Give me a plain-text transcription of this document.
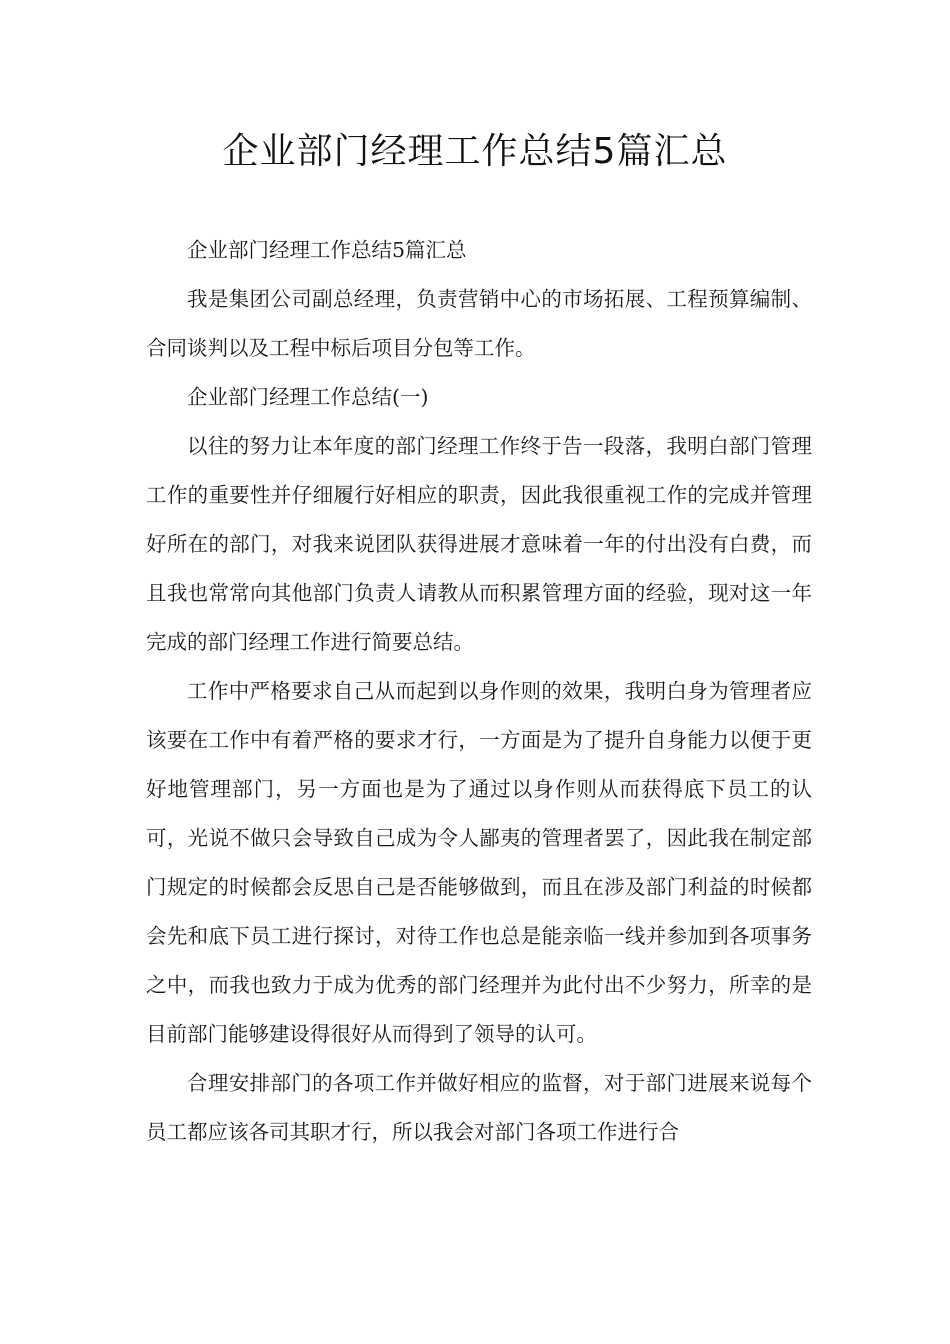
企业部门经理工作总结5篇汇总

企业部门经理工作总结5篇汇总

我是集团公司副总经理，负责营销中心的市场拓展、工程预算编制、合同谈判以及工程中标后项目分包等工作。

企业部门经理工作总结(一)

以往的努力让本年度的部门经理工作终于告一段落，我明白部门管理工作的重要性并仔细履行好相应的职责，因此我很重视工作的完成并管理好所在的部门，对我来说团队获得进展才意味着一年的付出没有白费，而且我也常常向其他部门负责人请教从而积累管理方面的经验，现对这一年完成的部门经理工作进行简要总结。

工作中严格要求自己从而起到以身作则的效果，我明白身为管理者应该要在工作中有着严格的要求才行，一方面是为了提升自身能力以便于更好地管理部门，另一方面也是为了通过以身作则从而获得底下员工的认可，光说不做只会导致自己成为令人鄙夷的管理者罢了，因此我在制定部门规定的时候都会反思自己是否能够做到，而且在涉及部门利益的时候都会先和底下员工进行探讨，对待工作也总是能亲临一线并参加到各项事务之中，而我也致力于成为优秀的部门经理并为此付出不少努力，所幸的是目前部门能够建设得很好从而得到了领导的认可。

合理安排部门的各项工作并做好相应的监督，对于部门进展来说每个员工都应该各司其职才行，所以我会对部门各项工作进行合
